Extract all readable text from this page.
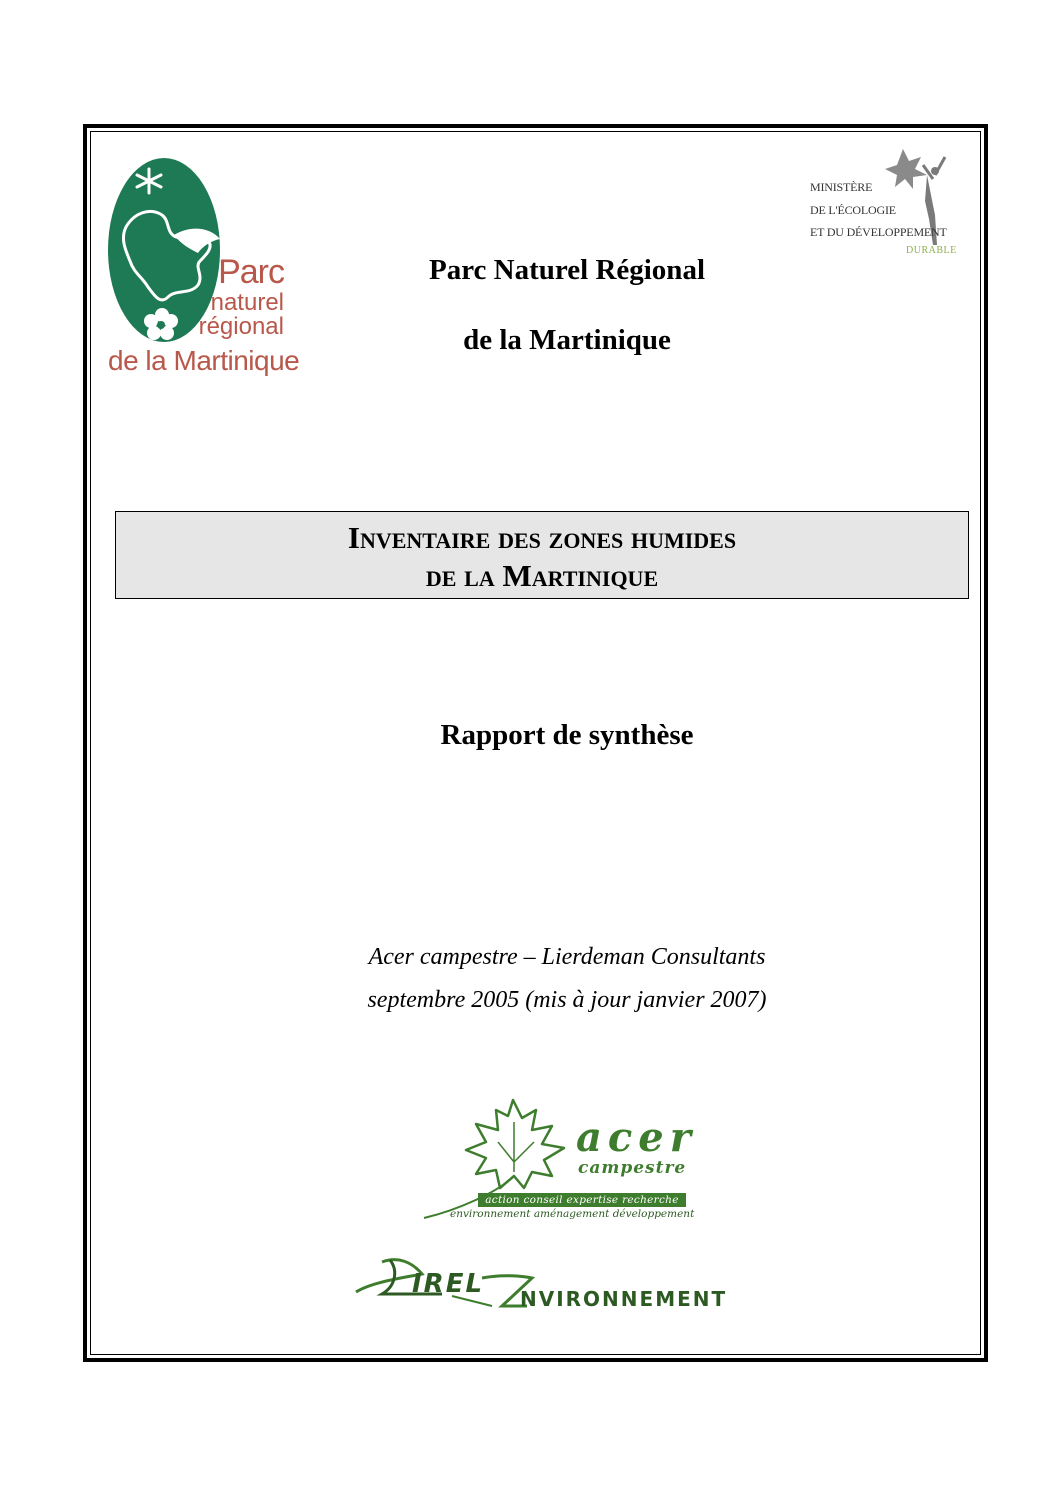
Parc
naturel
régional
de la Martinique
MINISTÈRE
DE L'ÉCOLOGIE
ET DU DÉVELOPPEMENT
DURABLE
Parc Naturel Régional
de la Martinique
Inventaire des zones humides
de la Martinique
Rapport de synthèse
Acer campestre – Lierdeman Consultants
septembre 2005 (mis à jour janvier 2007)
acer
campestre
action conseil expertise recherche
environnement aménagement développement
IREL NVIRONNEMENT
